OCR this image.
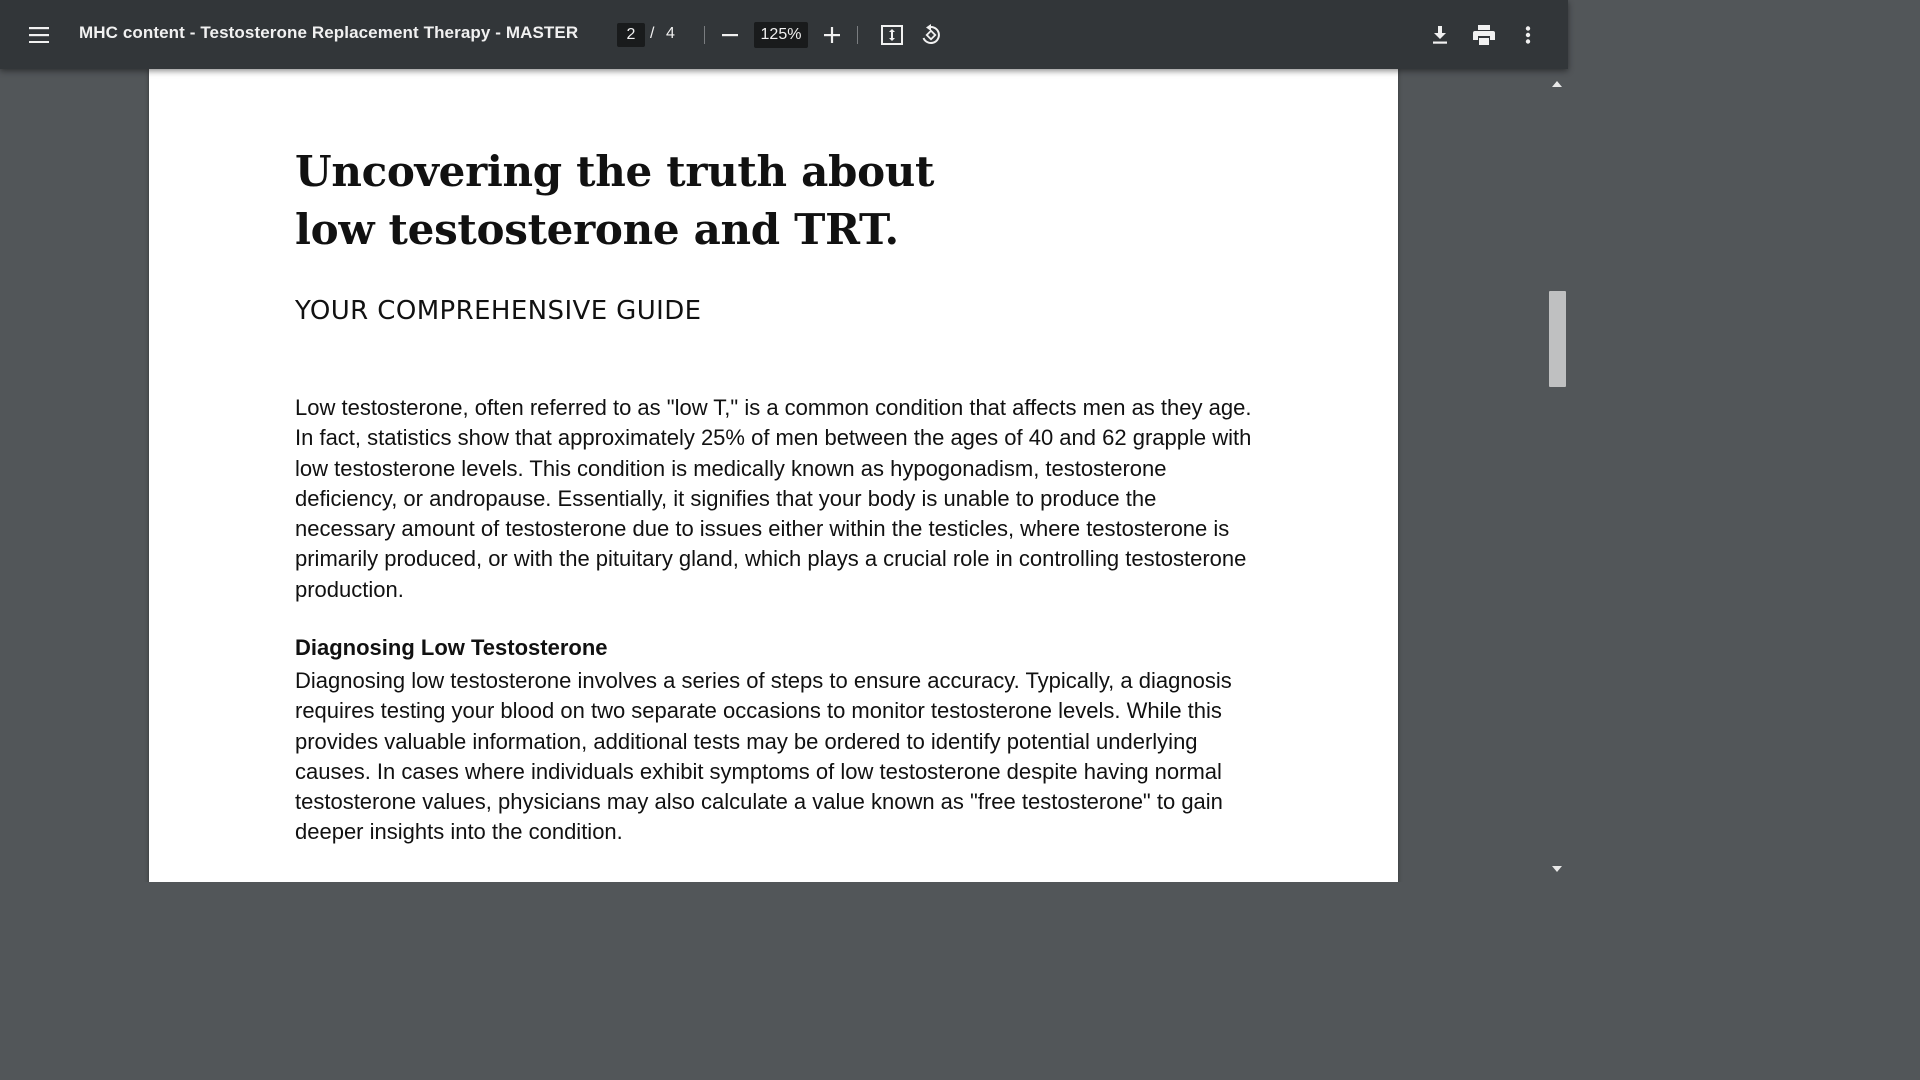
MHC content - Testosterone Replacement Therapy - MASTER
2	/ 4
125%
Uncovering the truth about
low testosterone and TRT.
YOUR COMPREHENSIVE GUIDE

Low testosterone, often referred to as "low T," is a common condition that affects men as they age. In fact, statistics show that approximately 25% of men between the ages of 40 and 62 grapple with low testosterone levels. This condition is medically known as hypogonadism, testosterone deficiency, or andropause. Essentially, it signifies that your body is unable to produce the necessary amount of testosterone due to issues either within the testicles, where testosterone is primarily produced, or with the pituitary gland, which plays a crucial role in controlling testosterone production.

Diagnosing Low Testosterone

Diagnosing low testosterone involves a series of steps to ensure accuracy. Typically, a diagnosis requires testing your blood on two separate occasions to monitor testosterone levels. While this provides valuable information, additional tests may be ordered to identify potential underlying causes. In cases where individuals exhibit symptoms of low testosterone despite having normal testosterone values, physicians may also calculate a value known as "free testosterone" to gain deeper insights into the condition.
